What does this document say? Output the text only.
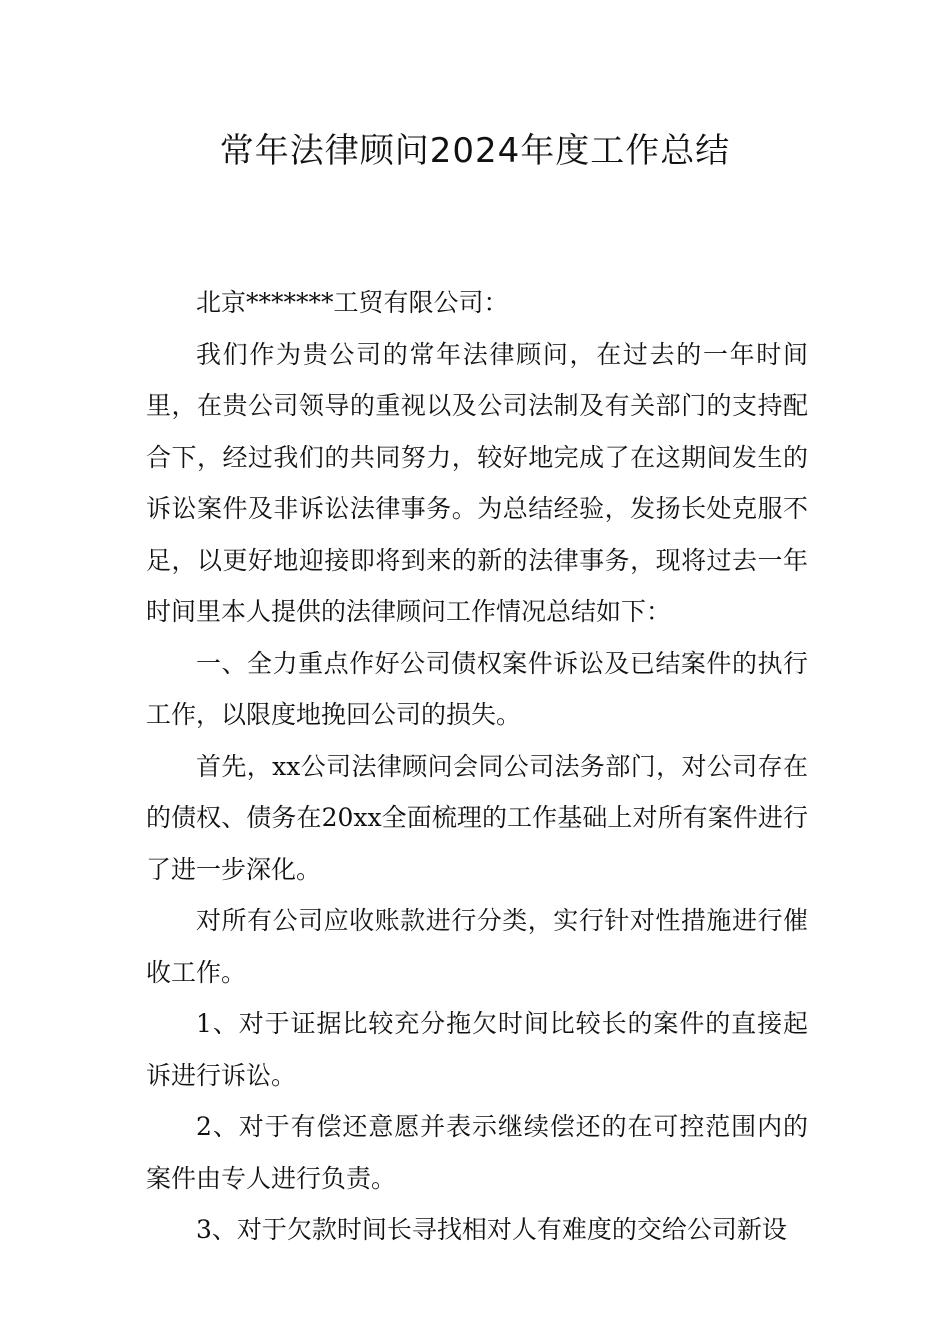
常年法律顾问2024年度工作总结

北京*******工贸有限公司：

我们作为贵公司的常年法律顾问，在过去的一年时间里，在贵公司领导的重视以及公司法制及有关部门的支持配合下，经过我们的共同努力，较好地完成了在这期间发生的诉讼案件及非诉讼法律事务。为总结经验，发扬长处克服不足，以更好地迎接即将到来的新的法律事务，现将过去一年时间里本人提供的法律顾问工作情况总结如下：

一、全力重点作好公司债权案件诉讼及已结案件的执行工作，以限度地挽回公司的损失。

首先，xx公司法律顾问会同公司法务部门，对公司存在的债权、债务在20xx全面梳理的工作基础上对所有案件进行了进一步深化。

对所有公司应收账款进行分类，实行针对性措施进行催收工作。

1、对于证据比较充分拖欠时间比较长的案件的直接起诉进行诉讼。

2、对于有偿还意愿并表示继续偿还的在可控范围内的案件由专人进行负责。

3、对于欠款时间长寻找相对人有难度的交给公司新设
